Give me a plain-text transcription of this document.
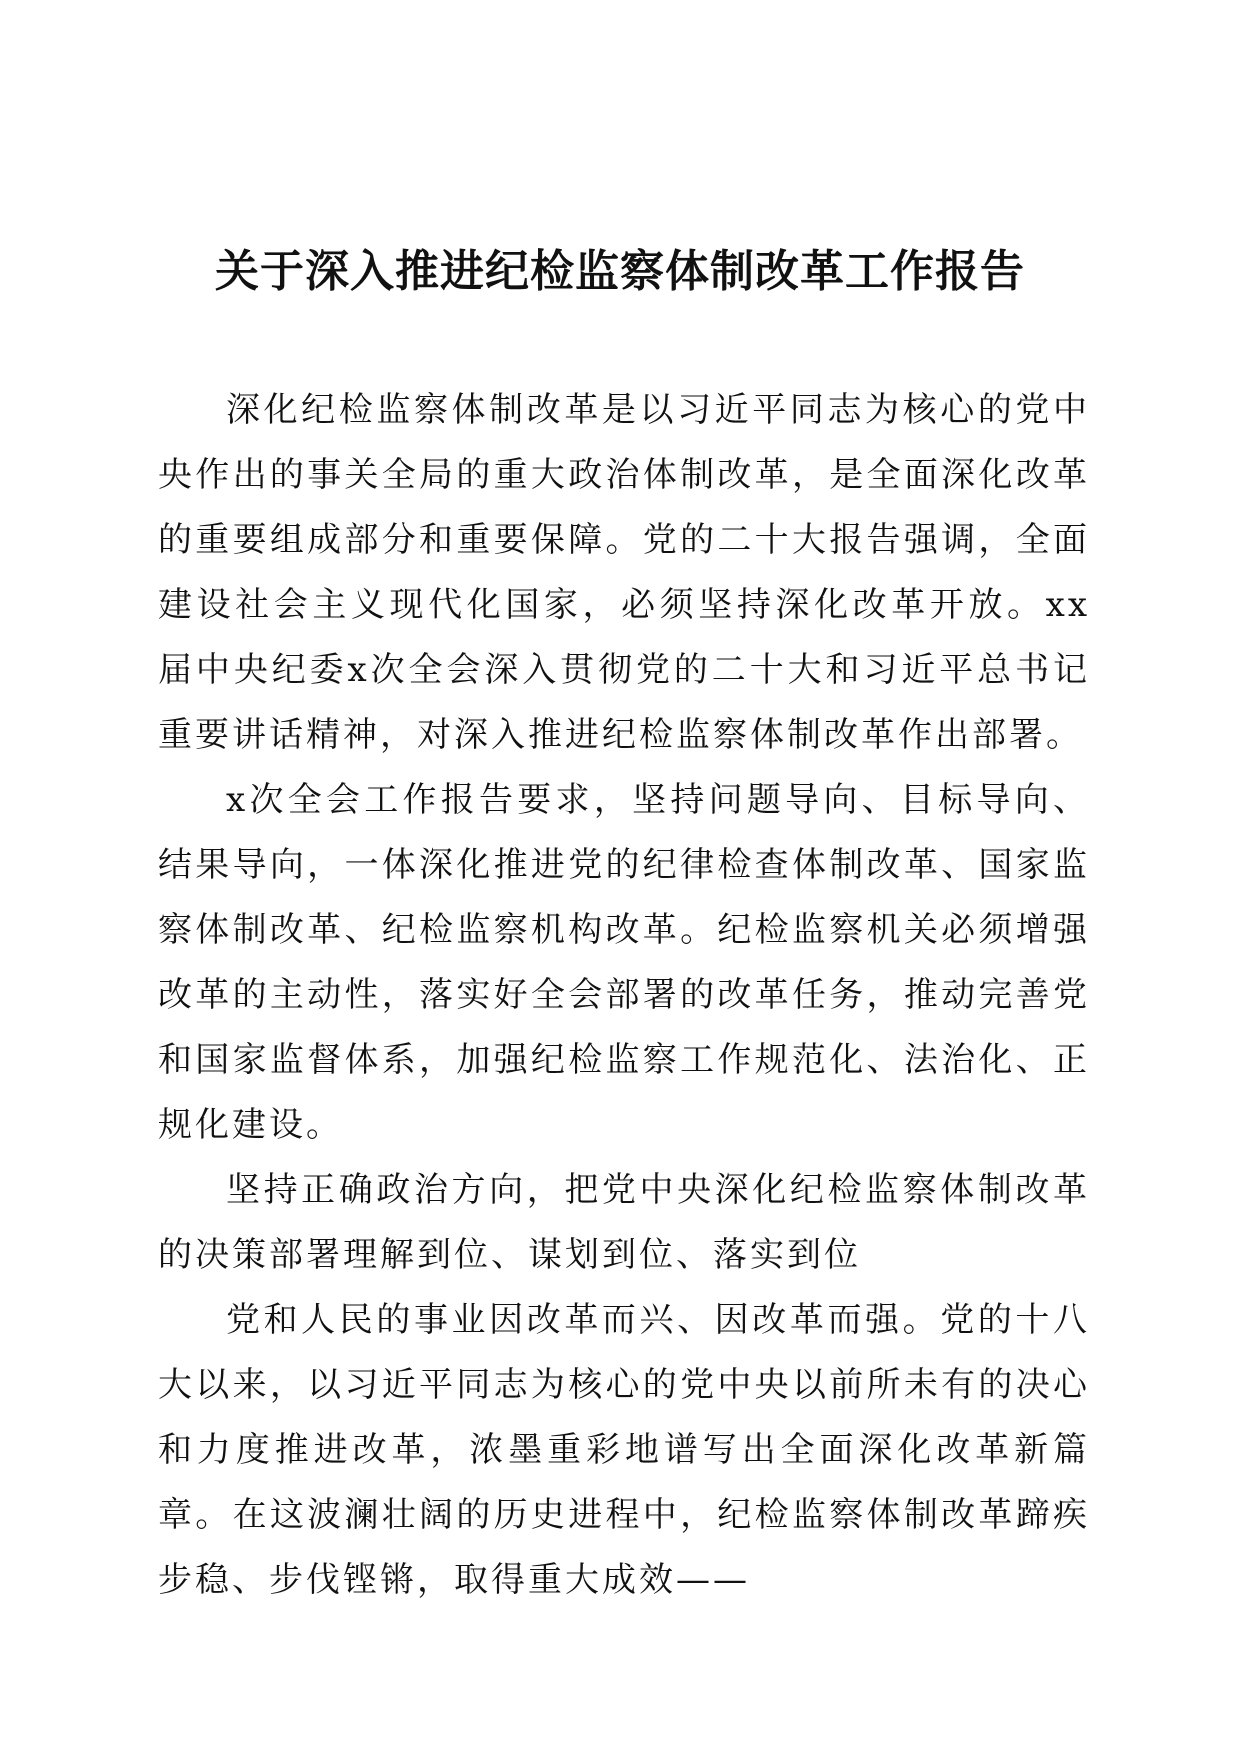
关于深入推进纪检监察体制改革工作报告

深化纪检监察体制改革是以习近平同志为核心的党中央作出的事关全局的重大政治体制改革，是全面深化改革的重要组成部分和重要保障。党的二十大报告强调，全面建设社会主义现代化国家，必须坚持深化改革开放。xx届中央纪委x次全会深入贯彻党的二十大和习近平总书记重要讲话精神，对深入推进纪检监察体制改革作出部署。

x次全会工作报告要求，坚持问题导向、目标导向、结果导向，一体深化推进党的纪律检查体制改革、国家监察体制改革、纪检监察机构改革。纪检监察机关必须增强改革的主动性，落实好全会部署的改革任务，推动完善党和国家监督体系，加强纪检监察工作规范化、法治化、正规化建设。

坚持正确政治方向，把党中央深化纪检监察体制改革的决策部署理解到位、谋划到位、落实到位

党和人民的事业因改革而兴、因改革而强。党的十八大以来，以习近平同志为核心的党中央以前所未有的决心和力度推进改革，浓墨重彩地谱写出全面深化改革新篇章。在这波澜壮阔的历史进程中，纪检监察体制改革蹄疾步稳、步伐铿锵，取得重大成效——
